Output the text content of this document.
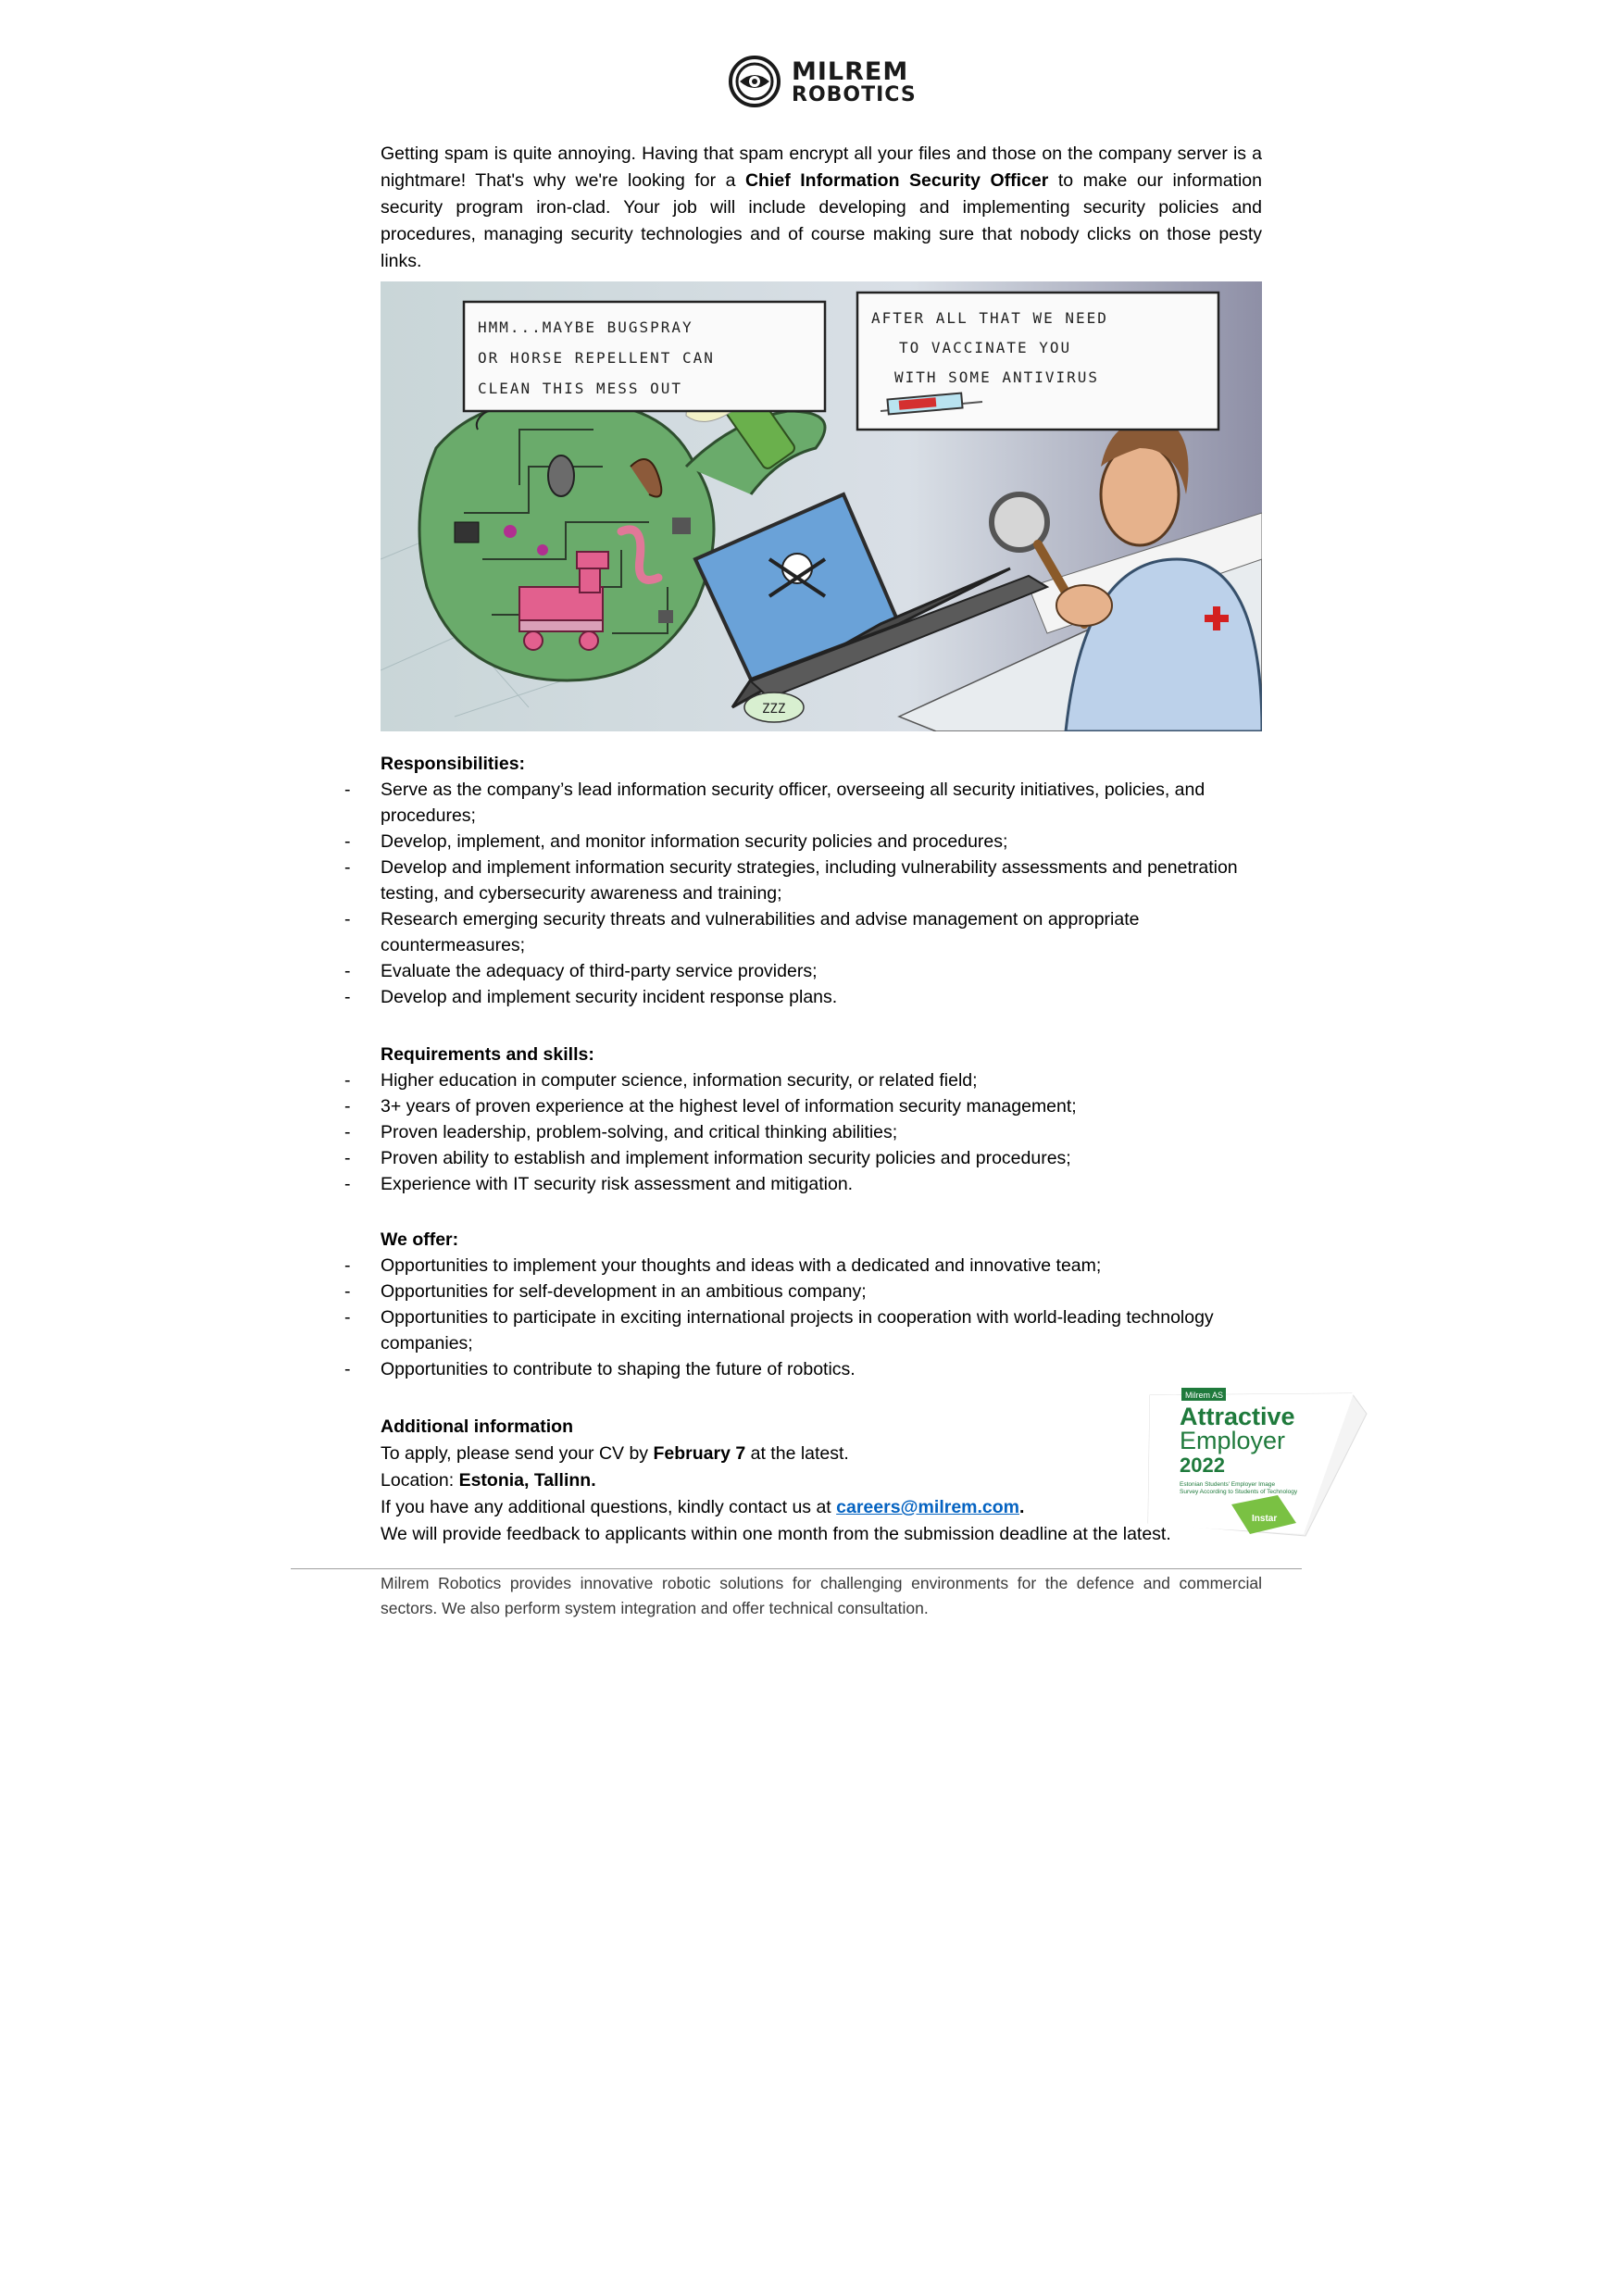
MILREM
ROBOTICS
Getting spam is quite annoying. Having that spam encrypt all your files and those on the company server is a nightmare! That's why we're looking for a Chief Information Security Officer to make our information security program iron-clad. Your job will include developing and implementing security policies and procedures, managing security technologies and of course making sure that nobody clicks on those pesty links.
ZZZ
HMM...MAYBE BUGSPRAY OR HORSE REPELLENT CAN CLEAN THIS MESS OUT
AFTER ALL THAT WE NEED TO VACCINATE YOU WITH SOME ANTIVIRUS
Responsibilities:
- Serve as the company’s lead information security officer, overseeing all security initiatives, policies, and procedures;
- Develop, implement, and monitor information security policies and procedures;
- Develop and implement information security strategies, including vulnerability assessments and penetration testing, and cybersecurity awareness and training;
- Research emerging security threats and vulnerabilities and advise management on appropriate countermeasures;
- Evaluate the adequacy of third-party service providers;
- Develop and implement security incident response plans.
Requirements and skills:
- Higher education in computer science, information security, or related field;
- 3+ years of proven experience at the highest level of information security management;
- Proven leadership, problem-solving, and critical thinking abilities;
- Proven ability to establish and implement information security policies and procedures;
- Experience with IT security risk assessment and mitigation.
We offer:
- Opportunities to implement your thoughts and ideas with a dedicated and innovative team;
- Opportunities for self-development in an ambitious company;
- Opportunities to participate in exciting international projects in cooperation with world-leading technology companies;
- Opportunities to contribute to shaping the future of robotics.

Additional information

To apply, please send your CV by February 7 at the latest.

Location: Estonia, Tallinn.

If you have any additional questions, kindly contact us at careers@milrem.com.

We will provide feedback to applicants within one month from the submission deadline at the latest.

Milrem AS
Attractive
Employer
2022
Estonian Students' Employer Image
Survey According to Students of Technology
Instar
Milrem Robotics provides innovative robotic solutions for challenging environments for the defence and commercial sectors. We also perform system integration and offer technical consultation.
